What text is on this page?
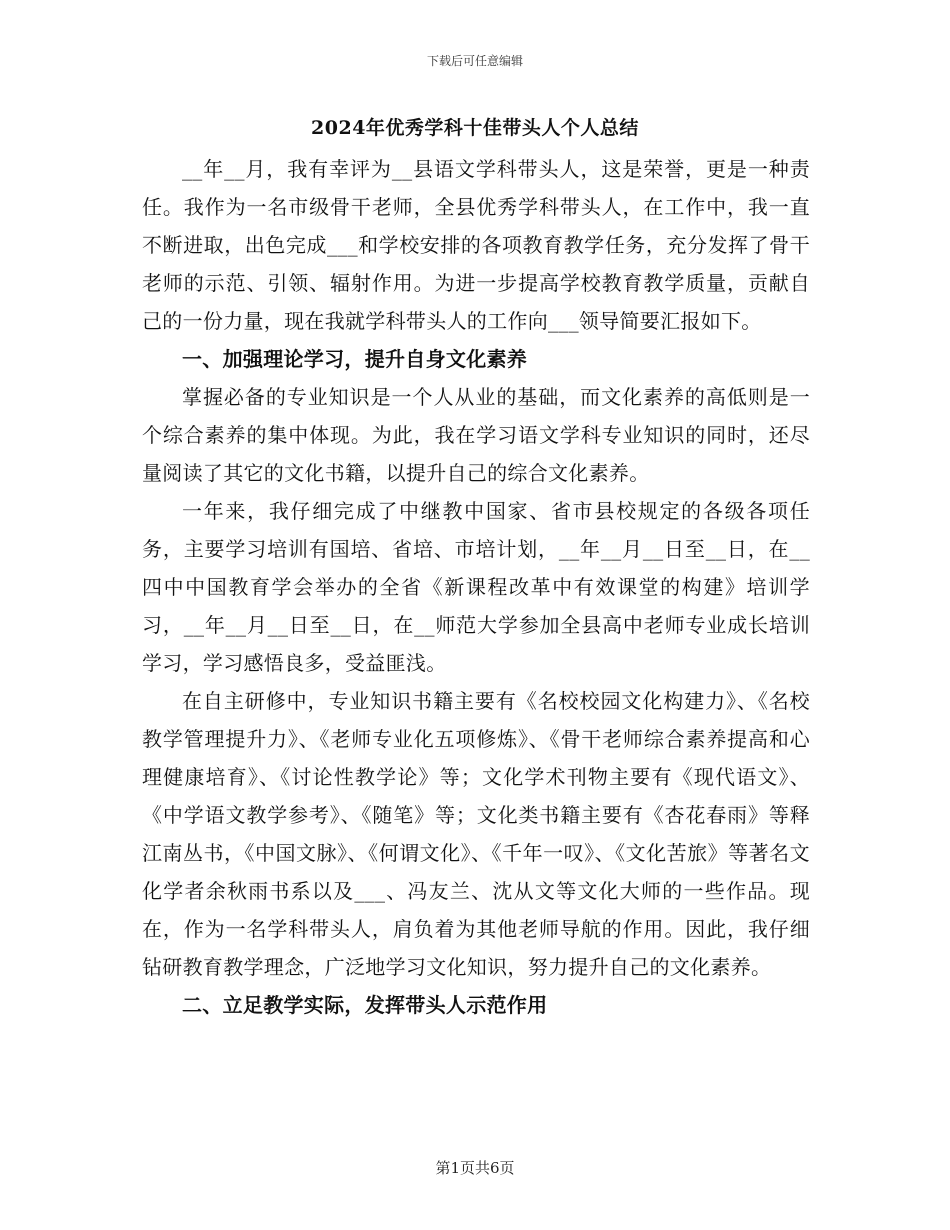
下载后可任意编辑
2024年优秀学科十佳带头人个人总结

__年__月，我有幸评为__县语文学科带头人，这是荣誉，更是一种责任。我作为一名市级骨干老师，全县优秀学科带头人，在工作中，我一直不断进取，出色完成___和学校安排的各项教育教学任务，充分发挥了骨干老师的示范、引领、辐射作用。为进一步提高学校教育教学质量，贡献自己的一份力量，现在我就学科带头人的工作向___领导简要汇报如下。

一、加强理论学习，提升自身文化素养

掌握必备的专业知识是一个人从业的基础，而文化素养的高低则是一个综合素养的集中体现。为此，我在学习语文学科专业知识的同时，还尽量阅读了其它的文化书籍，以提升自己的综合文化素养。

一年来，我仔细完成了中继教中国家、省市县校规定的各级各项任务，主要学习培训有国培、省培、市培计划，__年__月__日至__日，在__四中中国教育学会举办的全省《新课程改革中有效课堂的构建》培训学习，__年__月__日至__日，在__师范大学参加全县高中老师专业成长培训学习，学习感悟良多，受益匪浅。

在自主研修中，专业知识书籍主要有《名校校园文化构建力》、《名校教学管理提升力》、《老师专业化五项修炼》、《骨干老师综合素养提高和心理健康培育》、《讨论性教学论》等；文化学术刊物主要有《现代语文》、《中学语文教学参考》、《随笔》等；文化类书籍主要有《杏花春雨》等释江南丛书，《中国文脉》、《何谓文化》、《千年一叹》、《文化苦旅》等著名文化学者余秋雨书系以及___、冯友兰、沈从文等文化大师的一些作品。现在，作为一名学科带头人，肩负着为其他老师导航的作用。因此，我仔细钻研教育教学理念，广泛地学习文化知识，努力提升自己的文化素养。

二、立足教学实际，发挥带头人示范作用
第1页共6页
